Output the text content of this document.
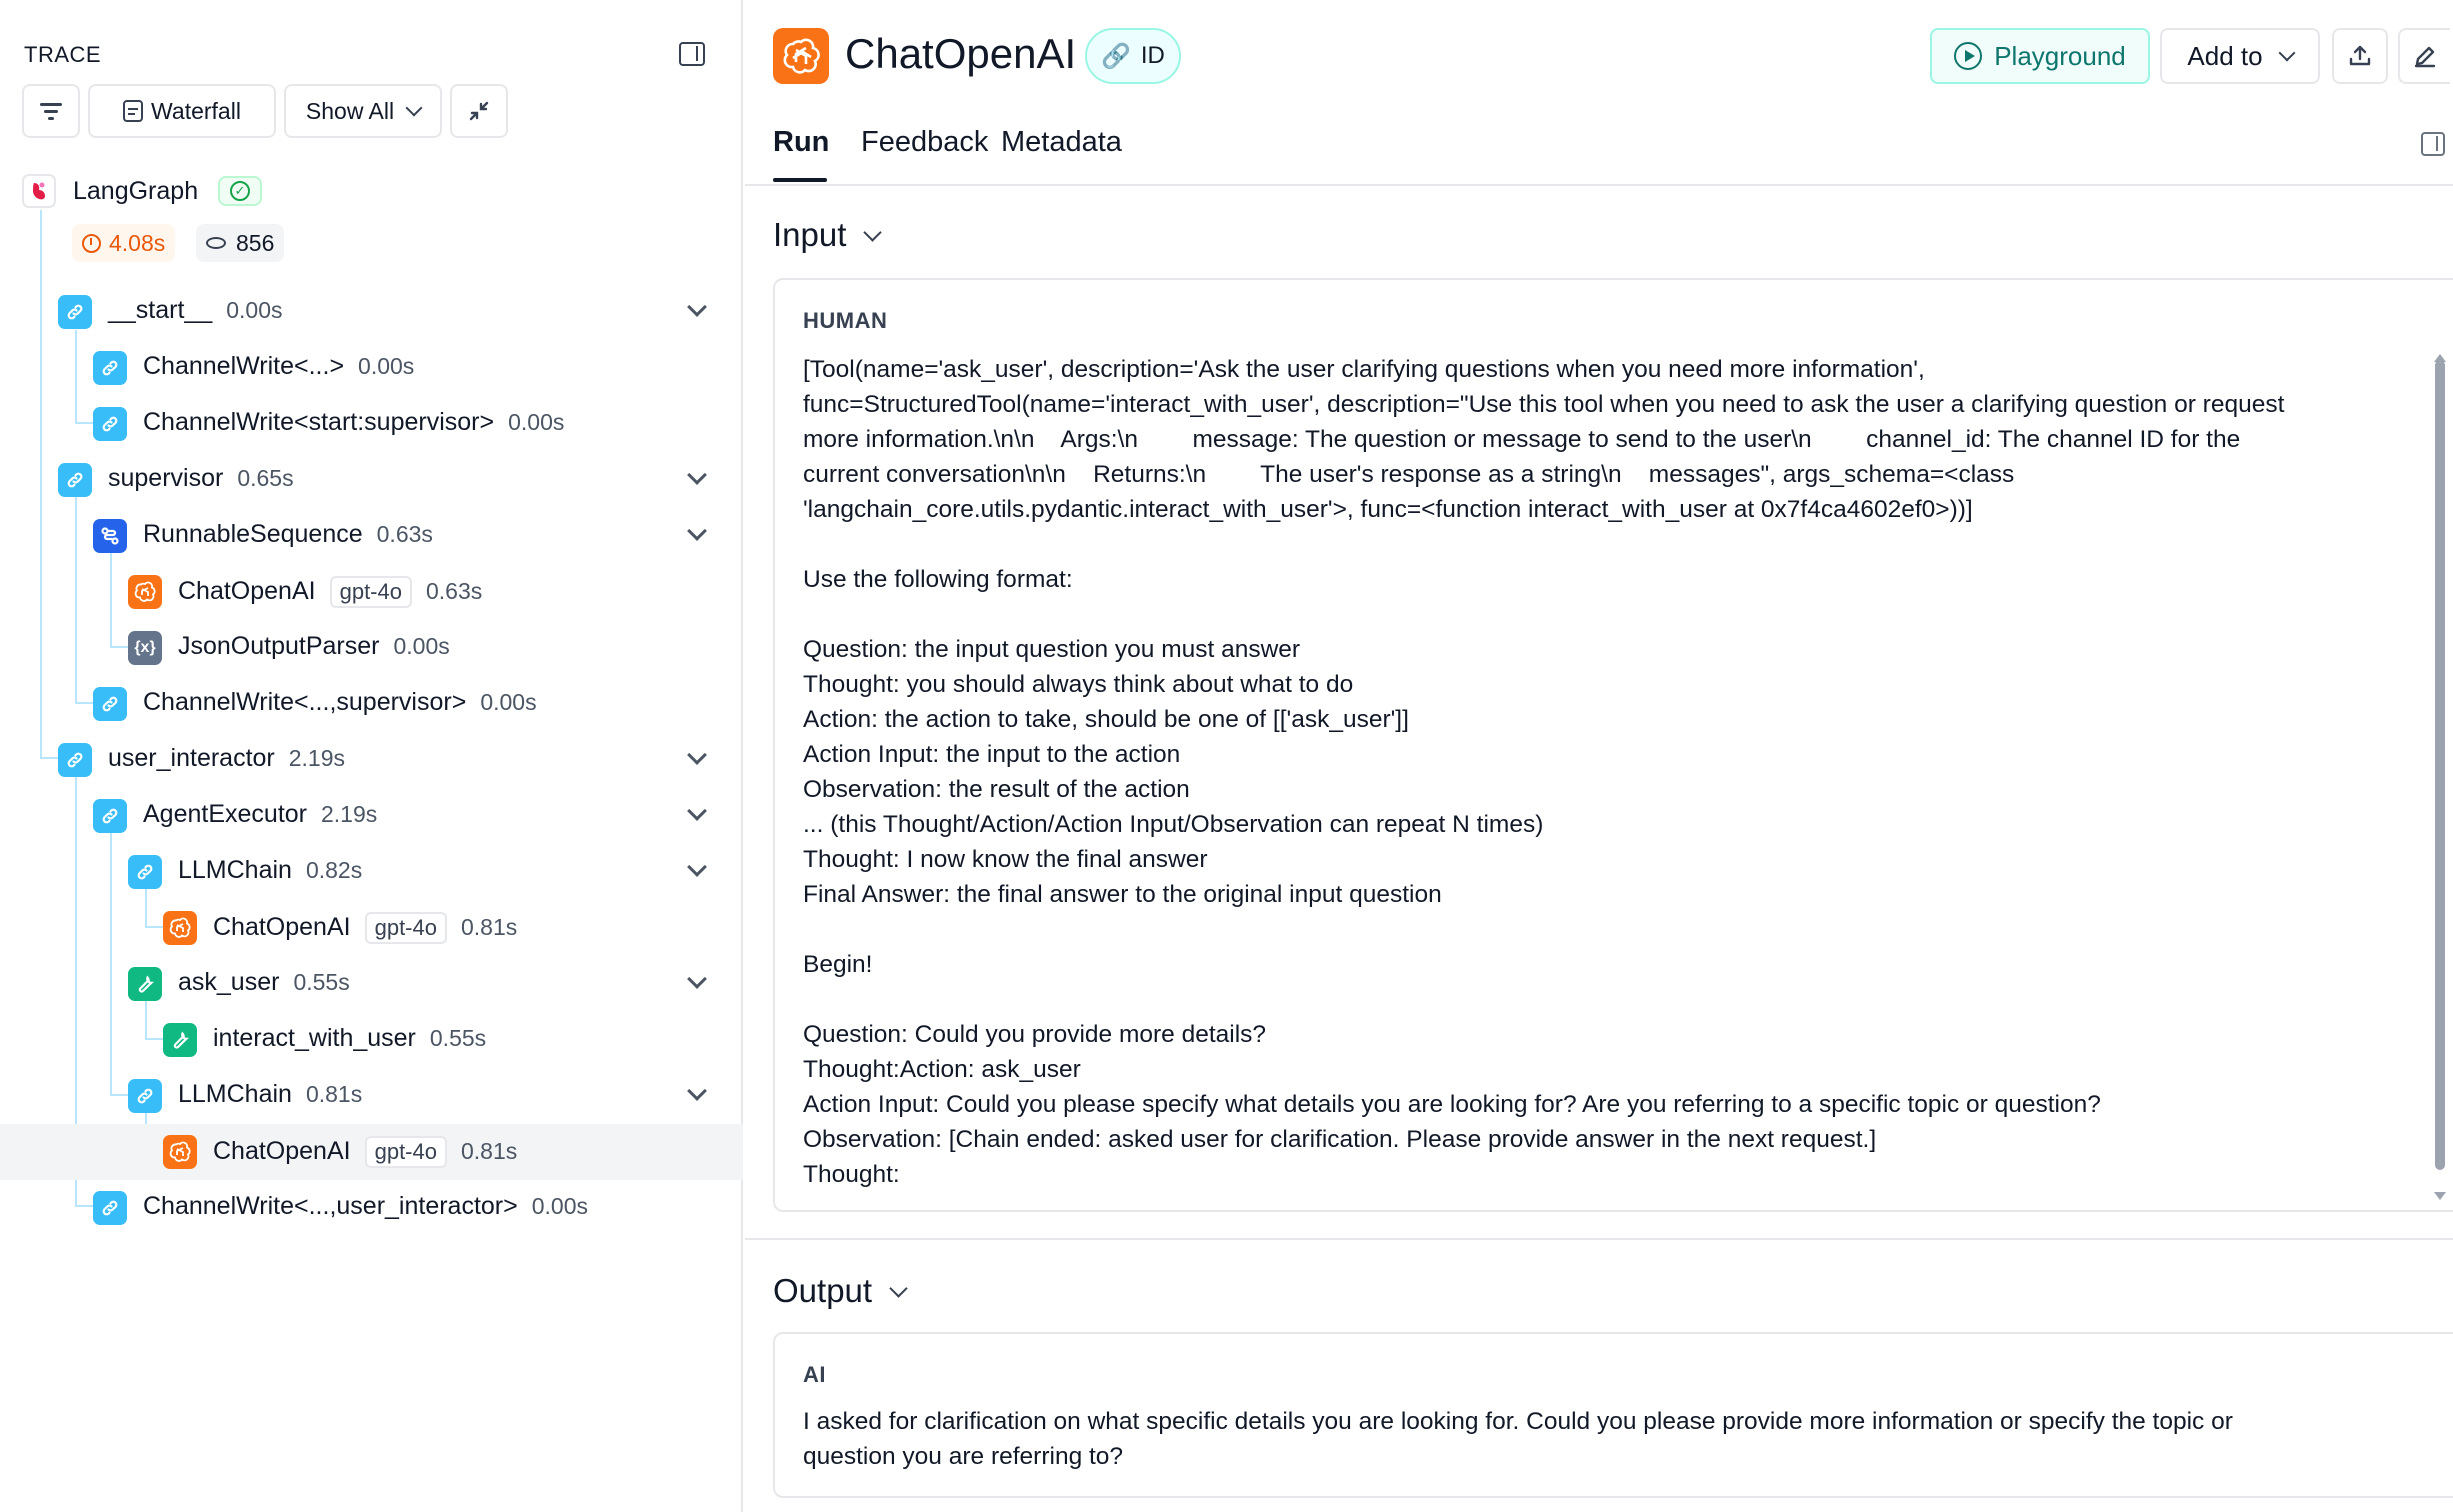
TRACE
Waterfall	Show All
LangGraph	✓
4.08s	856
__start__ 0.00s
ChannelWrite<...> 0.00s
ChannelWrite<start:supervisor> 0.00s
supervisor 0.65s
RunnableSequence 0.63s
ChatOpenAI gpt-4o 0.63s
{x} JsonOutputParser 0.00s
ChannelWrite<...,supervisor> 0.00s
user_interactor 2.19s
AgentExecutor 2.19s
LLMChain 0.82s
ChatOpenAI gpt-4o 0.81s
ask_user 0.55s
interact_with_user 0.55s
LLMChain 0.81s
ChatOpenAI gpt-4o 0.81s
ChannelWrite<...,user_interactor> 0.00s
ChatOpenAI 🔗 ID	Playground Add to
Run Feedback Metadata
Input
HUMAN
[Tool(name='ask_user', description='Ask the user clarifying questions when you need more information',
func=StructuredTool(name='interact_with_user', description="Use this tool when you need to ask the user a clarifying question or request
more information.\n\n    Args:\n        message: The question or message to send to the user\n        channel_id: The channel ID for the
current conversation\n\n    Returns:\n        The user's response as a string\n    messages", args_schema=<class
'langchain_core.utils.pydantic.interact_with_user'>, func=<function interact_with_user at 0x7f4ca4602ef0>))]

Use the following format:

Question: the input question you must answer
Thought: you should always think about what to do
Action: the action to take, should be one of [['ask_user']]
Action Input: the input to the action
Observation: the result of the action
... (this Thought/Action/Action Input/Observation can repeat N times)
Thought: I now know the final answer
Final Answer: the final answer to the original input question

Begin!

Question: Could you provide more details?
Thought:Action: ask_user
Action Input: Could you please specify what details you are looking for? Are you referring to a specific topic or question?
Observation: [Chain ended: asked user for clarification. Please provide answer in the next request.]
Thought:
Output
AI
I asked for clarification on what specific details you are looking for. Could you please provide more information or specify the topic or
question you are referring to?
